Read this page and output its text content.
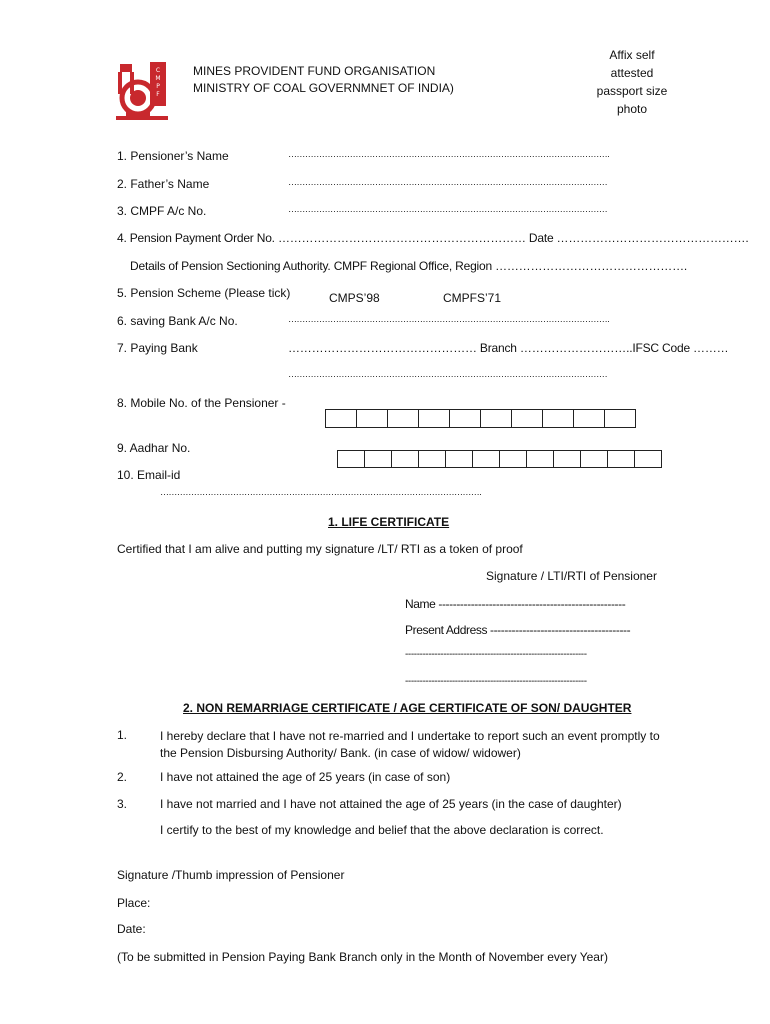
C
M
P
F
MINES PROVIDENT FUND ORGANISATION
MINISTRY OF COAL GOVERNMNET OF INDIA)
Affix self
attested
passport size
photo
1. Pensioner’s Name	…………………………………………………………………………………………………….
2. Father’s Name	……………………………………………………………………………………………………
3. CMPF A/c No.	……………………………………………………………………………………………………
4. Pension Payment Order No. ……………………………………………………… Date ………………………………………….
Details of Pension Sectioning Authority. CMPF Regional Office, Region ………………………………………….
5. Pension Scheme (Please tick)	CMPS’98	CMPFS’71
6. saving Bank A/c No.	…………………………………………………………………………………………………….
7. Paying Bank	………………………………………… Branch ………………………..IFSC Code ………
……………………………………………………………………………………………………
8. Mobile No. of the Pensioner -
9. Aadhar No.
10. Email-id
…………………………………………………………………………………………………….
1. LIFE CERTIFICATE
Certified that I am alive and putting my signature /LT/ RTI as a token of proof
Signature / LTI/RTI of Pensioner
Name ----------------------------------------------------
Present Address ---------------------------------------
--------------------------------------------------------------
--------------------------------------------------------------
2. NON REMARRIAGE CERTIFICATE / AGE CERTIFICATE OF SON/ DAUGHTER
1.	I hereby declare that I have not re-married and I undertake to report such an event promptly to the Pension Disbursing Authority/ Bank. (in case of widow/ widower)
2.	I have not attained the age of 25 years (in case of son)
3.	I have not married and I have not attained the age of 25 years (in the case of daughter)
I certify to the best of my knowledge and belief that the above declaration is correct.
Signature /Thumb impression of Pensioner
Place:
Date:
(To be submitted in Pension Paying Bank Branch only in the Month of November every Year)
